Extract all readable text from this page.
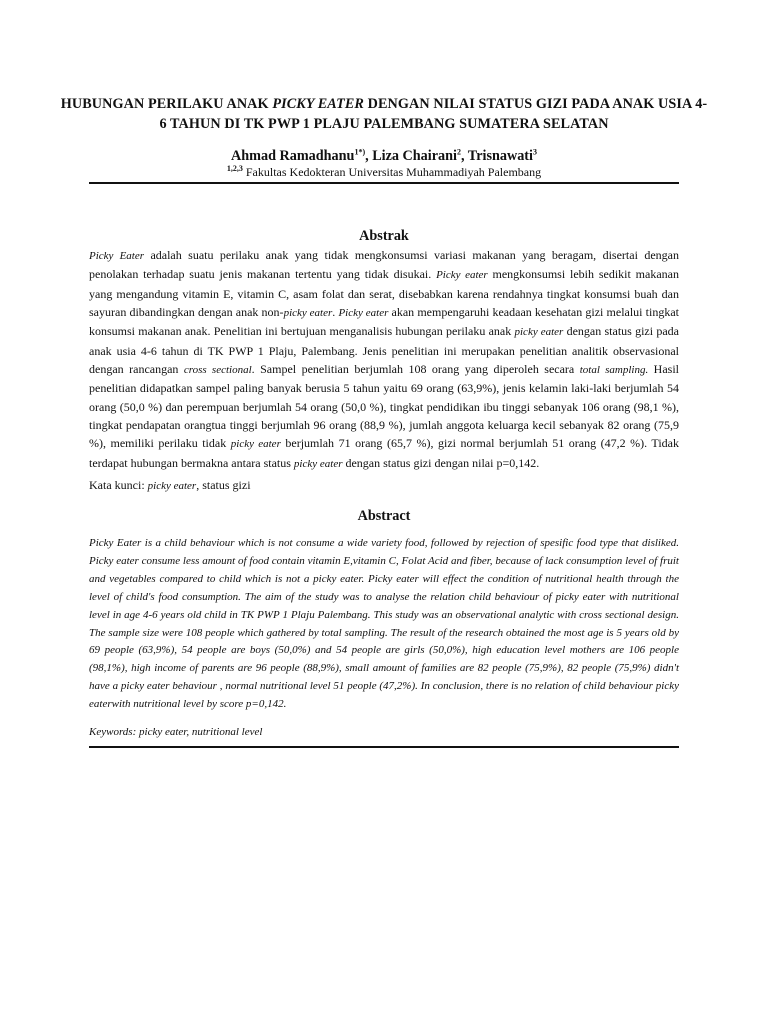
HUBUNGAN PERILAKU ANAK PICKY EATER DENGAN NILAI STATUS GIZI PADA ANAK USIA 4-6 TAHUN DI TK PWP 1 PLAJU PALEMBANG SUMATERA SELATAN
Ahmad Ramadhanu$^{1*)}$, Liza Chairani$^2$, Trisnawati$^3$
$^{1,2,3}$ Fakultas Kedokteran Universitas Muhammadiyah Palembang
Abstrak

Picky Eater adalah suatu perilaku anak yang tidak mengkonsumsi variasi makanan yang beragam, disertai dengan penolakan terhadap suatu jenis makanan tertentu yang tidak disukai. Picky eater mengkonsumsi lebih sedikit makanan yang mengandung vitamin E, vitamin C, asam folat dan serat, disebabkan karena rendahnya tingkat konsumsi buah dan sayuran dibandingkan dengan anak non-picky eater. Picky eater akan mempengaruhi keadaan kesehatan gizi melalui tingkat konsumsi makanan anak. Penelitian ini bertujuan menganalisis hubungan perilaku anak picky eater dengan status gizi pada anak usia 4-6 tahun di TK PWP 1 Plaju, Palembang. Jenis penelitian ini merupakan penelitian analitik observasional dengan rancangan cross sectional. Sampel penelitian berjumlah 108 orang yang diperoleh secara total sampling. Hasil penelitian didapatkan sampel paling banyak berusia 5 tahun yaitu 69 orang (63,9%), jenis kelamin laki-laki berjumlah 54 orang (50,0 %) dan perempuan berjumlah 54 orang (50,0 %), tingkat pendidikan ibu tinggi sebanyak 106 orang (98,1 %), tingkat pendapatan orangtua tinggi berjumlah 96 orang (88,9 %), jumlah anggota keluarga kecil sebanyak 82 orang (75,9 %), memiliki perilaku tidak picky eater berjumlah 71 orang (65,7 %), gizi normal berjumlah 51 orang (47,2 %). Tidak terdapat hubungan bermakna antara status picky eater dengan status gizi dengan nilai p=0,142.

Kata kunci: picky eater, status gizi

Abstract

Picky Eater is a child behaviour which is not consume a wide variety food, followed by rejection of spesific food type that disliked. Picky eater consume less amount of food contain vitamin E,vitamin C, Folat Acid and fiber, because of lack consumption level of fruit and vegetables compared to child which is not a picky eater. Picky eater will effect the condition of nutritional health through the level of child's food consumption. The aim of the study was to analyse the relation child behaviour of picky eater with nutritional level in age 4-6 years old child in TK PWP 1 Plaju Palembang. This study was an observational analytic with cross sectional design. The sample size were 108 people which gathered by total sampling. The result of the research obtained the most age is 5 years old by 69 people (63,9%), 54 people are boys (50,0%) and 54 people are girls (50,0%), high education level mothers are 106 people (98,1%), high income of parents are 96 people (88,9%), small amount of families are 82 people (75,9%), 82 people (75,9%) didn't have a picky eater behaviour , normal nutritional level 51 people (47,2%). In conclusion, there is no relation of child behaviour picky eaterwith nutritional level by score p=0,142.

Keywords: picky eater, nutritional level
